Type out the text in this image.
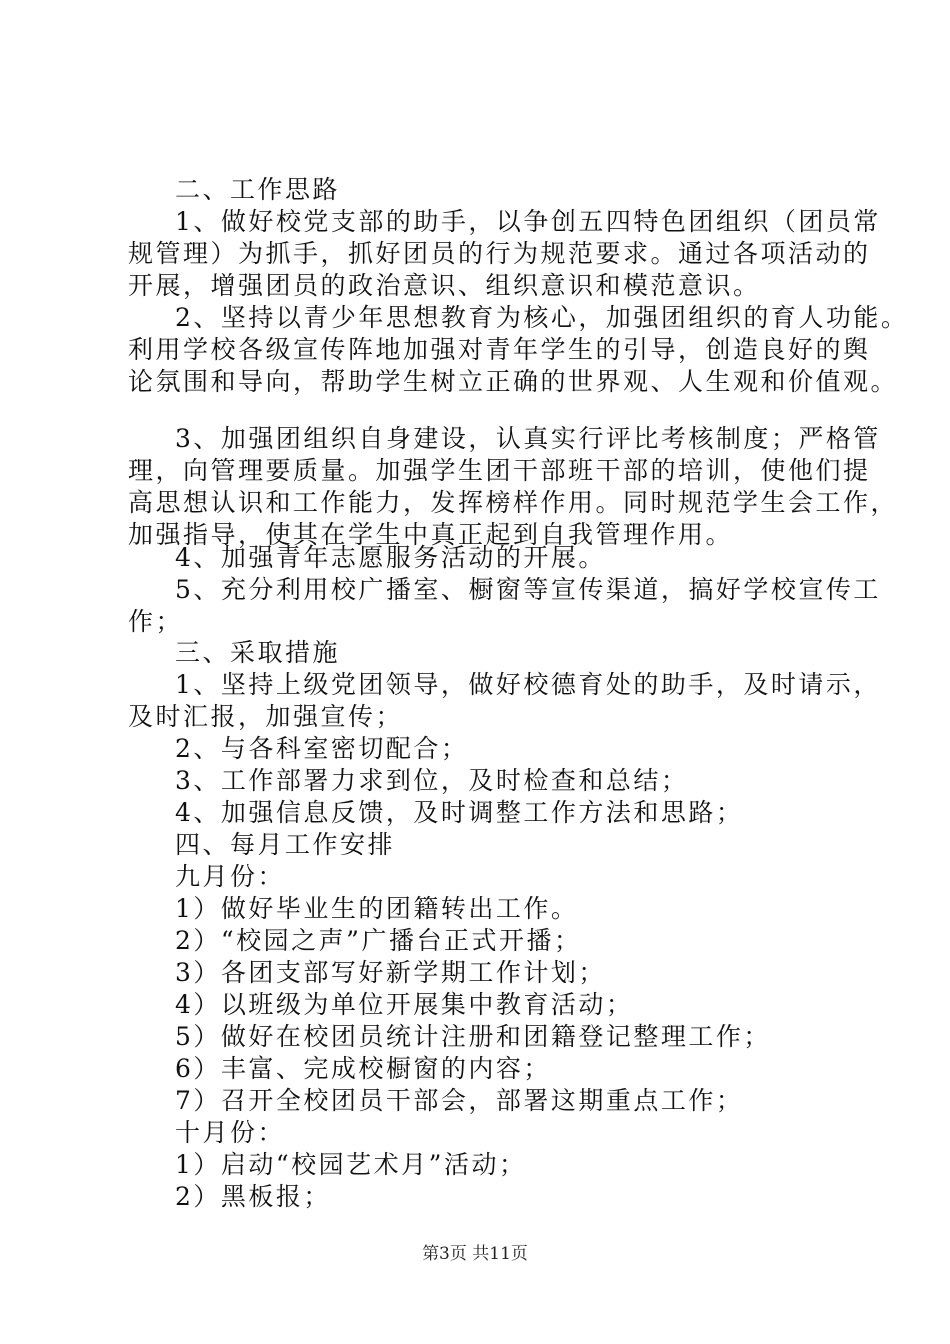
二、工作思路
1、做好校党支部的助手，以争创五四特色团组织（团员常
规管理）为抓手，抓好团员的行为规范要求。通过各项活动的
开展，增强团员的政治意识、组织意识和模范意识。
2、坚持以青少年思想教育为核心，加强团组织的育人功能。
利用学校各级宣传阵地加强对青年学生的引导，创造良好的舆
论氛围和导向，帮助学生树立正确的世界观、人生观和价值观。
3、加强团组织自身建设，认真实行评比考核制度；严格管
理，向管理要质量。加强学生团干部班干部的培训，使他们提
高思想认识和工作能力，发挥榜样作用。同时规范学生会工作，
加强指导，使其在学生中真正起到自我管理作用。
4、加强青年志愿服务活动的开展。
5、充分利用校广播室、橱窗等宣传渠道，搞好学校宣传工
作；
三、采取措施
1、坚持上级党团领导，做好校德育处的助手，及时请示，
及时汇报，加强宣传；
2、与各科室密切配合；
3、工作部署力求到位，及时检查和总结；
4、加强信息反馈，及时调整工作方法和思路；
四、每月工作安排
九月份：
1）做好毕业生的团籍转出工作。
2）“校园之声”广播台正式开播；
3）各团支部写好新学期工作计划；
4）以班级为单位开展集中教育活动；
5）做好在校团员统计注册和团籍登记整理工作；
6）丰富、完成校橱窗的内容；
7）召开全校团员干部会，部署这期重点工作；
十月份：
1）启动“校园艺术月”活动；
2）黑板报；
第3页 共11页
